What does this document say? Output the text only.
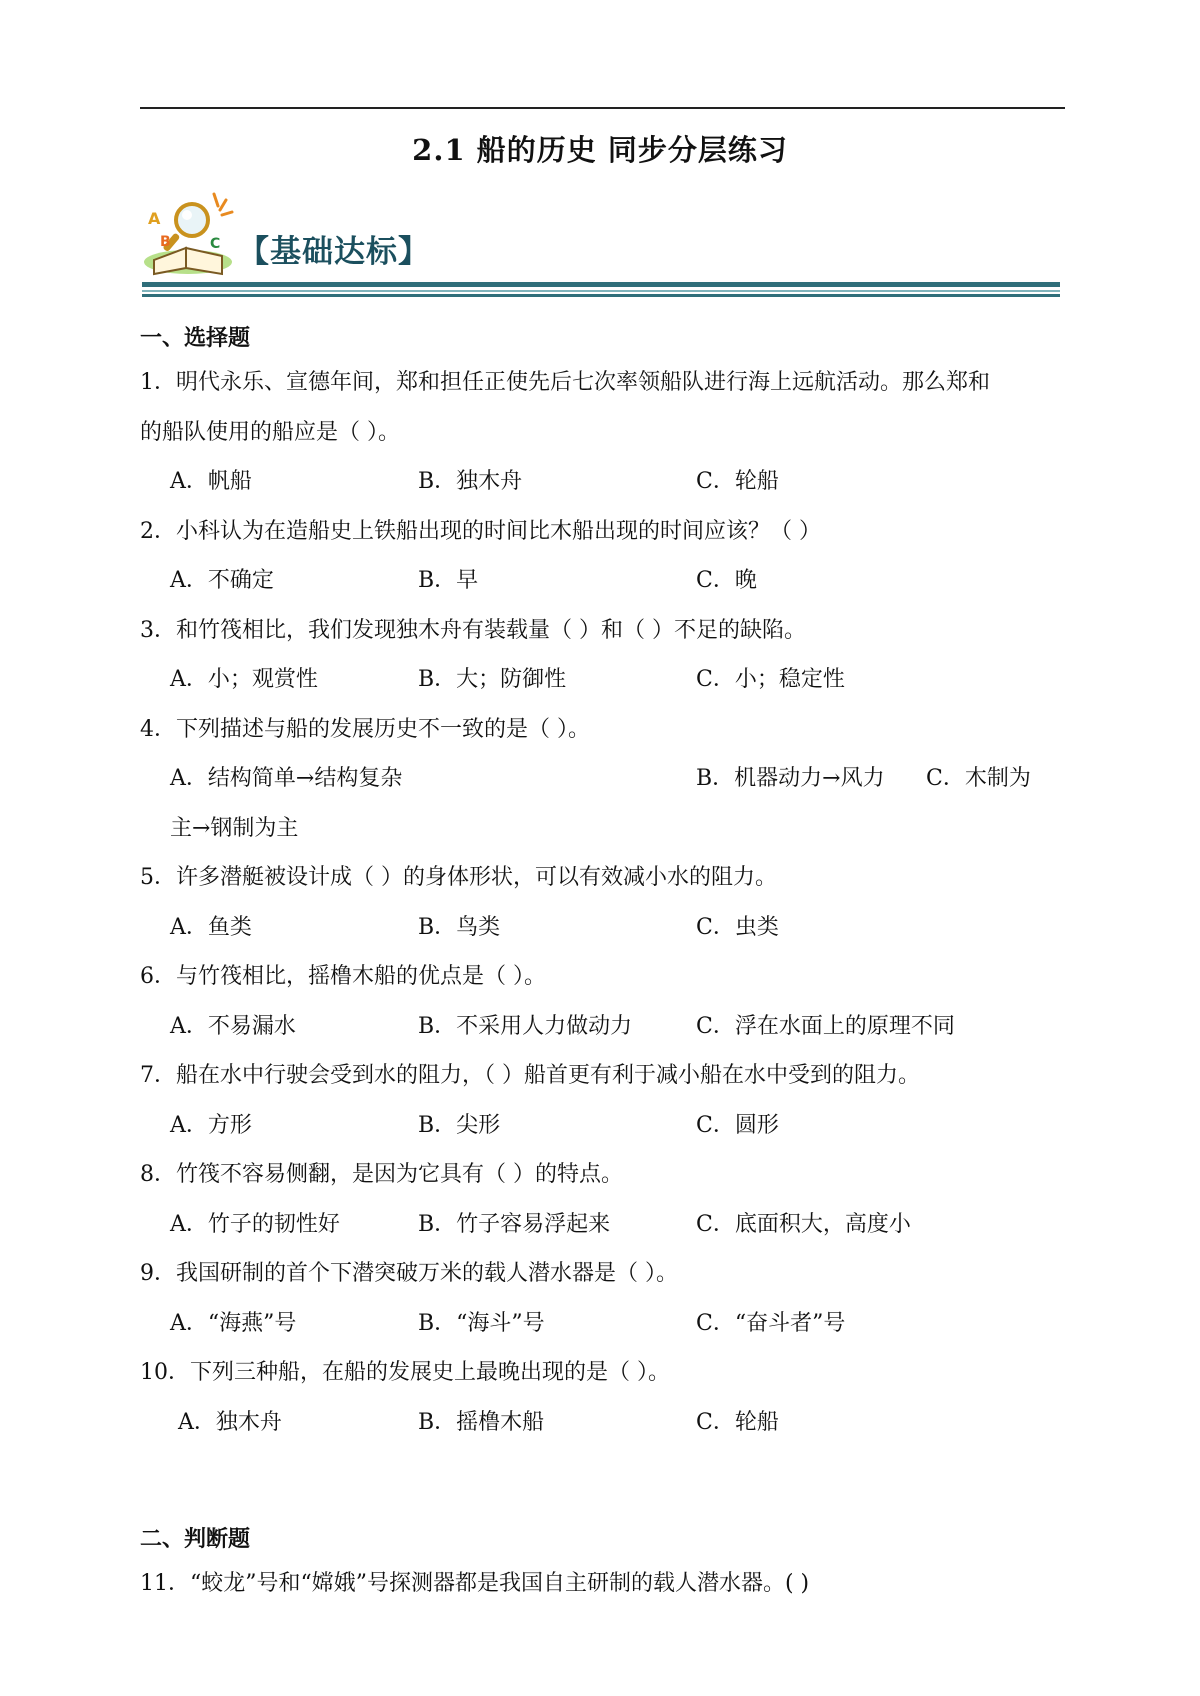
2.1 船的历史 同步分层练习
A
B	C 【基础达标】

一、选择题

1．明代永乐、宣德年间，郑和担任正使先后七次率领船队进行海上远航活动。那么郑和

的船队使用的船应是（ ）。

A．帆船	B．独木舟	C．轮船

2．小科认为在造船史上铁船出现的时间比木船出现的时间应该？（ ）

A．不确定	B．早	C．晚

3．和竹筏相比，我们发现独木舟有装载量（ ）和（ ）不足的缺陷。

A．小；观赏性	B．大；防御性	C．小；稳定性

4．下列描述与船的发展历史不一致的是（ ）。

A．结构简单→结构复杂	B．机器动力→风力 C．木制为
主→钢制为主

5．许多潜艇被设计成（ ）的身体形状，可以有效减小水的阻力。

A．鱼类	B．鸟类	C．虫类

6．与竹筏相比，摇橹木船的优点是（ ）。

A．不易漏水	B．不采用人力做动力	C．浮在水面上的原理不同

7．船在水中行驶会受到水的阻力，（ ）船首更有利于减小船在水中受到的阻力。

A．方形	B．尖形	C．圆形

8．竹筏不容易侧翻，是因为它具有（ ）的特点。

A．竹子的韧性好	B．竹子容易浮起来	C．底面积大，高度小

9．我国研制的首个下潜突破万米的载人潜水器是（ ）。

A．“海燕”号	B．“海斗”号	C．“奋斗者”号

10．下列三种船，在船的发展史上最晚出现的是（ ）。

A．独木舟	B．摇橹木船	C．轮船

二、判断题

11．“蛟龙”号和“嫦娥”号探测器都是我国自主研制的载人潜水器。( )
